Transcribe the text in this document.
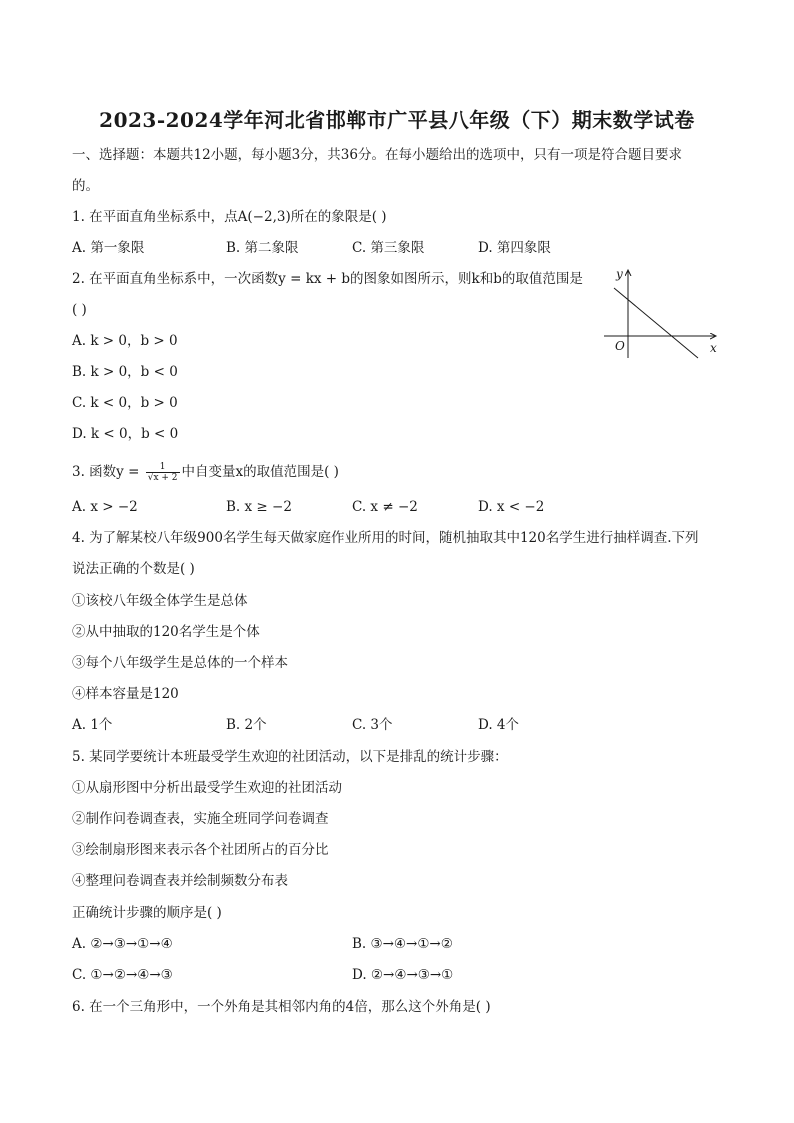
2023-2024学年河北省邯郸市广平县八年级（下）期末数学试卷
一、选择题：本题共12小题，每小题3分，共36分。在每小题给出的选项中，只有一项是符合题目要求
的。
1. 在平面直角坐标系中，点A(−2,3)所在的象限是( )
A. 第一象限	B. 第二象限	C. 第三象限	D. 第四象限
2. 在平面直角坐标系中，一次函数y = kx + b的图象如图所示，则k和b的取值范围是
( )
A. k > 0，b > 0
B. k > 0，b < 0
C. k < 0，b > 0
D. k < 0，b < 0
y
x
O
3. 函数$y = \frac{1}{√x + 2}$ 中自变量x的取值范围是( )
A. x > −2	B. x ≥ −2	C. x ≠ −2	D. x < −2
4. 为了解某校八年级900名学生每天做家庭作业所用的时间，随机抽取其中120名学生进行抽样调查.下列
说法正确的个数是( )
①该校八年级全体学生是总体
②从中抽取的120名学生是个体
③每个八年级学生是总体的一个样本
④样本容量是120
A. 1个	B. 2个	C. 3个	D. 4个
5. 某同学要统计本班最受学生欢迎的社团活动，以下是排乱的统计步骤：
①从扇形图中分析出最受学生欢迎的社团活动
②制作问卷调查表，实施全班同学问卷调查
③绘制扇形图来表示各个社团所占的百分比
④整理问卷调查表并绘制频数分布表
正确统计步骤的顺序是( )
A. ②→③→①→④	B. ③→④→①→②
C. ①→②→④→③	D. ②→④→③→①
6. 在一个三角形中，一个外角是其相邻内角的4倍，那么这个外角是( )
